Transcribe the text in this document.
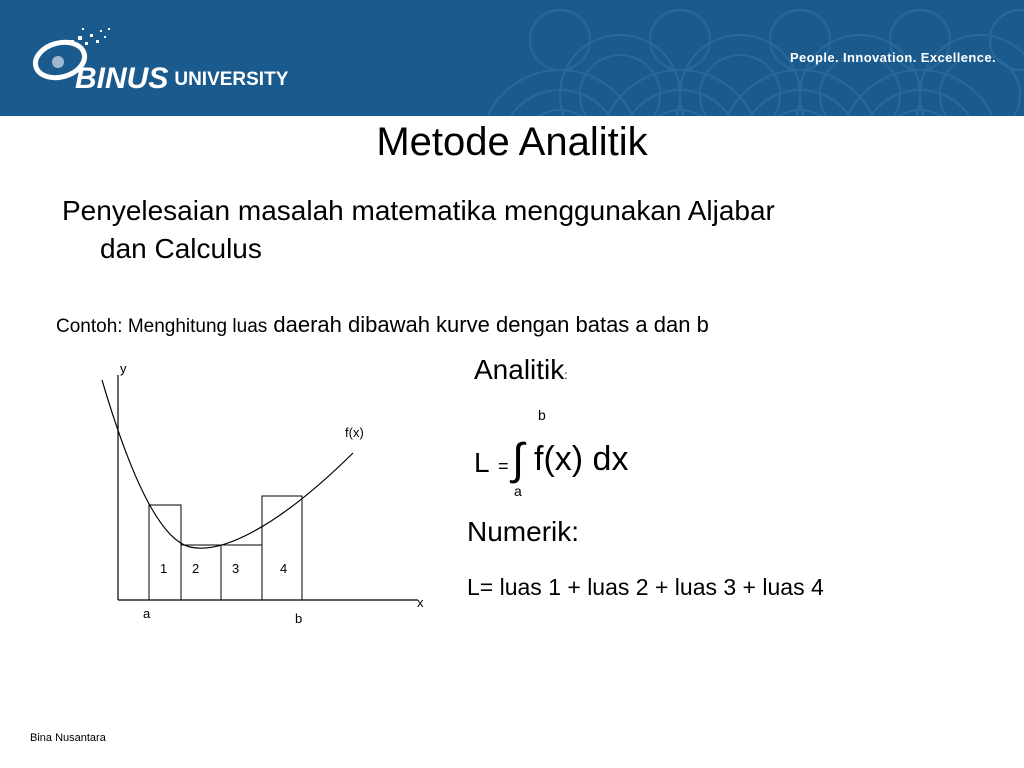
BINUS UNIVERSITY
People. Innovation. Excellence.
Metode Analitik
Penyelesaian masalah matematika menggunakan Aljabar
dan Calculus
Contoh: Menghitung luas daerah dibawah kurve dengan batas a dan b
y
x
f(x)
a	b
1 2	3	4
Analitik:
L = ∫
b
a
f(x) dx
Numerik:
L= luas 1 + luas 2 + luas 3 + luas 4
Bina Nusantara
